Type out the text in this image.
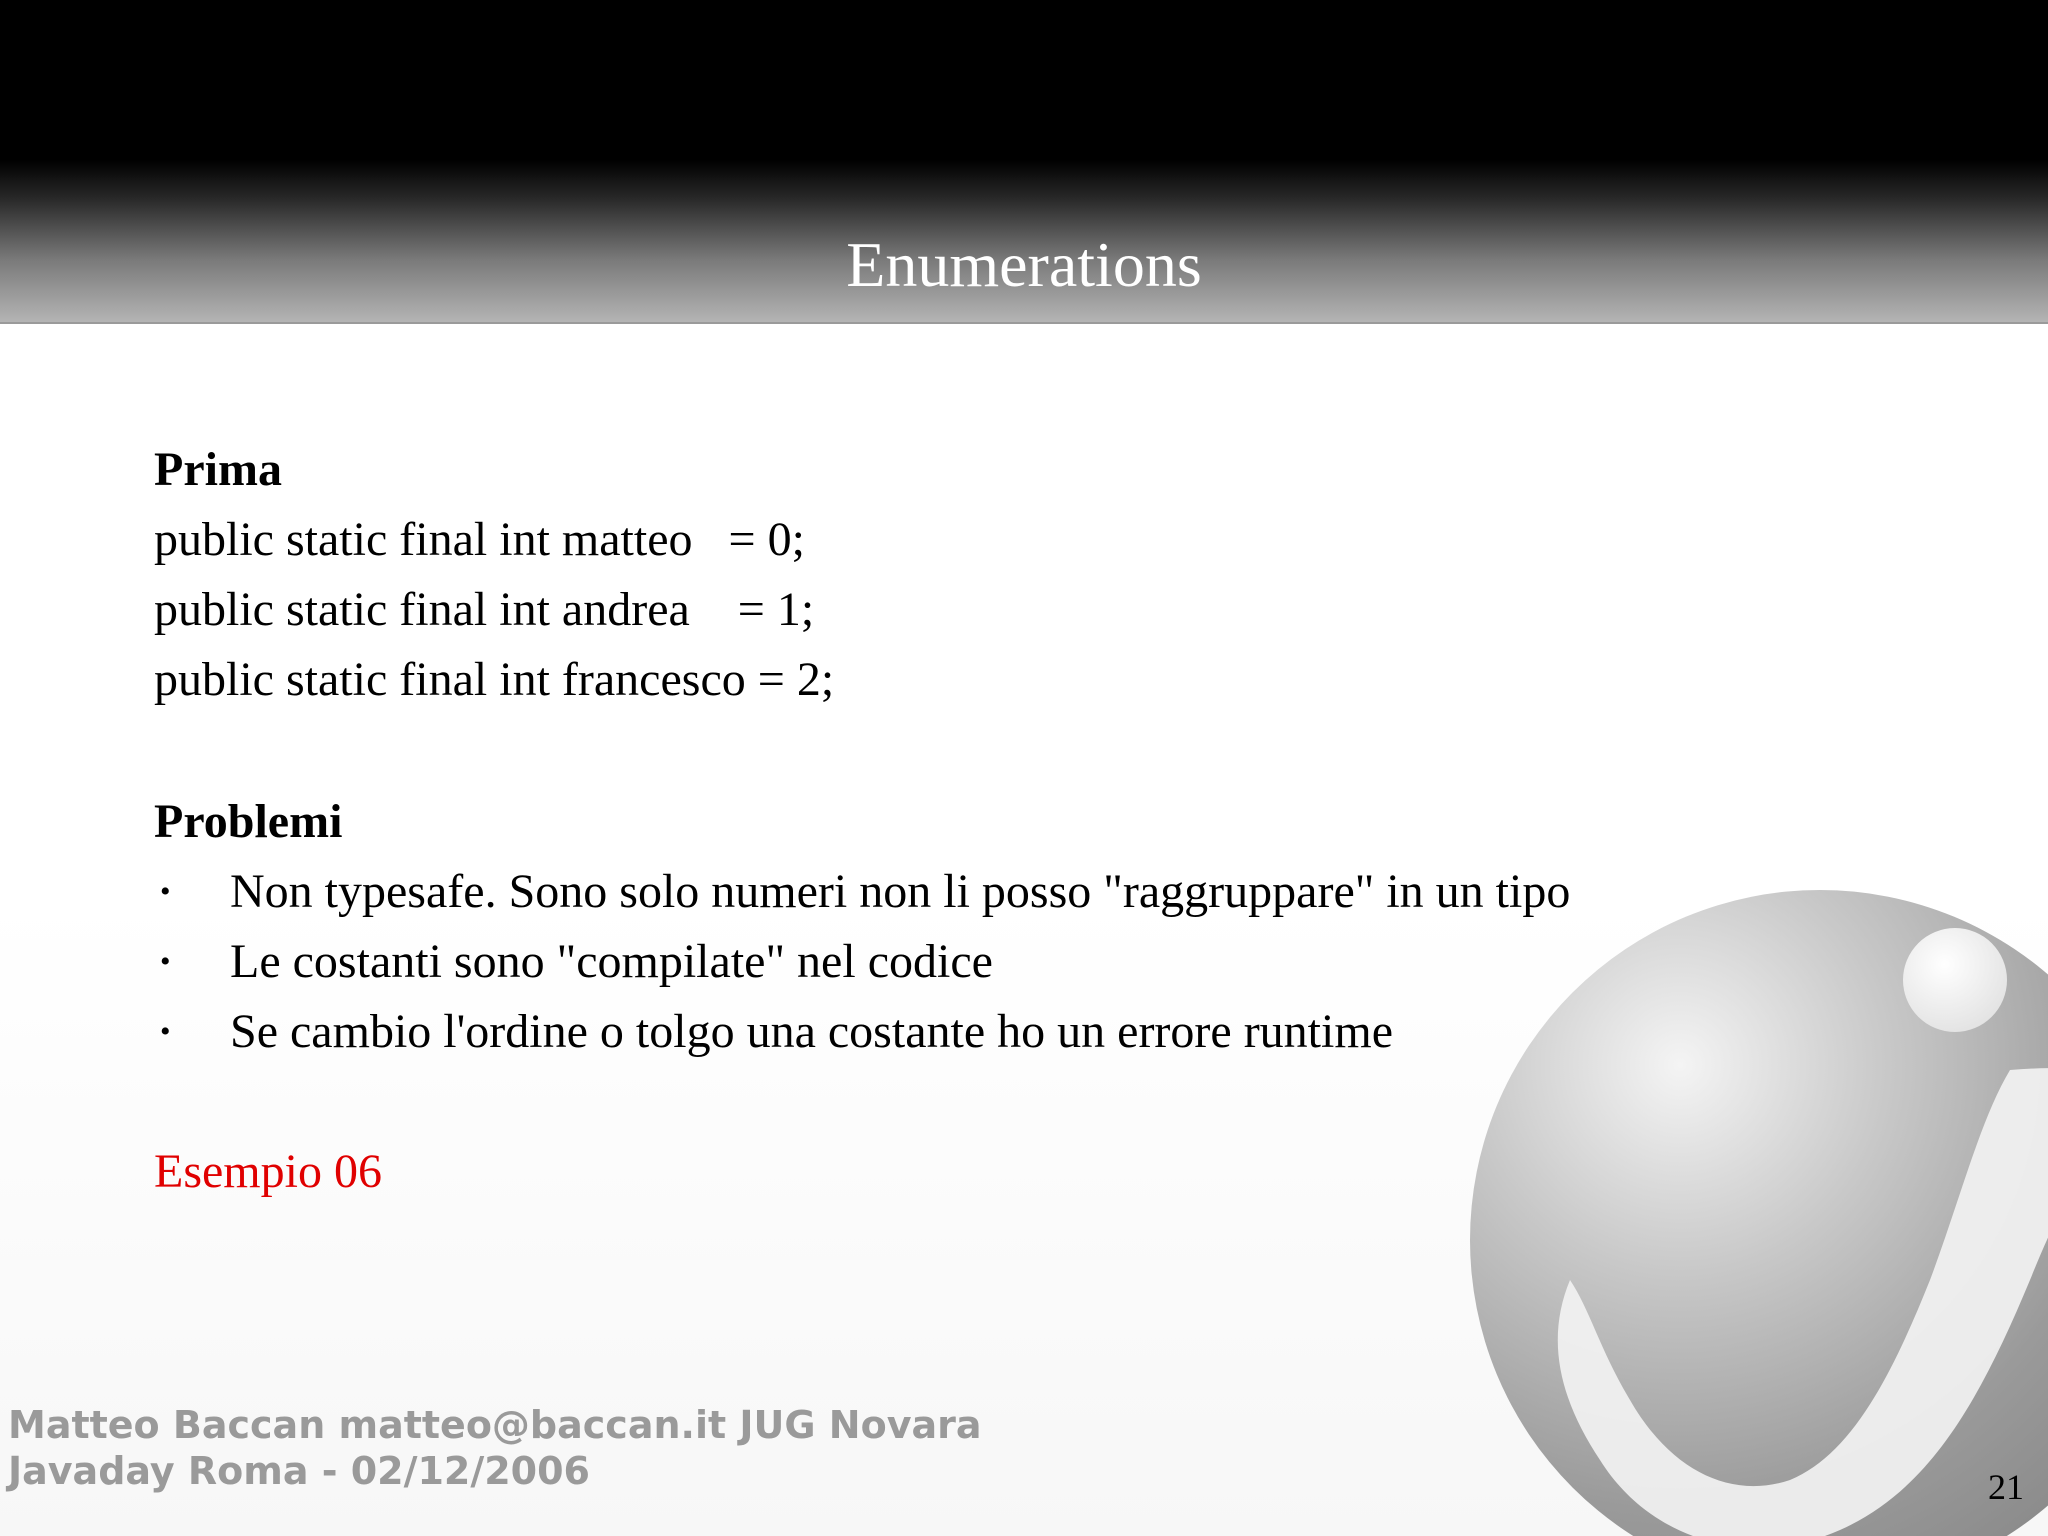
Enumerations
Prima
public static final int matteo   = 0;
public static final int andrea    = 1;
public static final int francesco = 2;
Problemi

•

Non typesafe. Sono solo numeri non li posso "raggruppare" in un tipo

•

Le costanti sono "compilate" nel codice

•

Se cambio l'ordine o tolgo una costante ho un errore runtime

Esempio 06
Matteo Baccan matteo@baccan.it JUG Novara
Javaday Roma - 02/12/2006	21
